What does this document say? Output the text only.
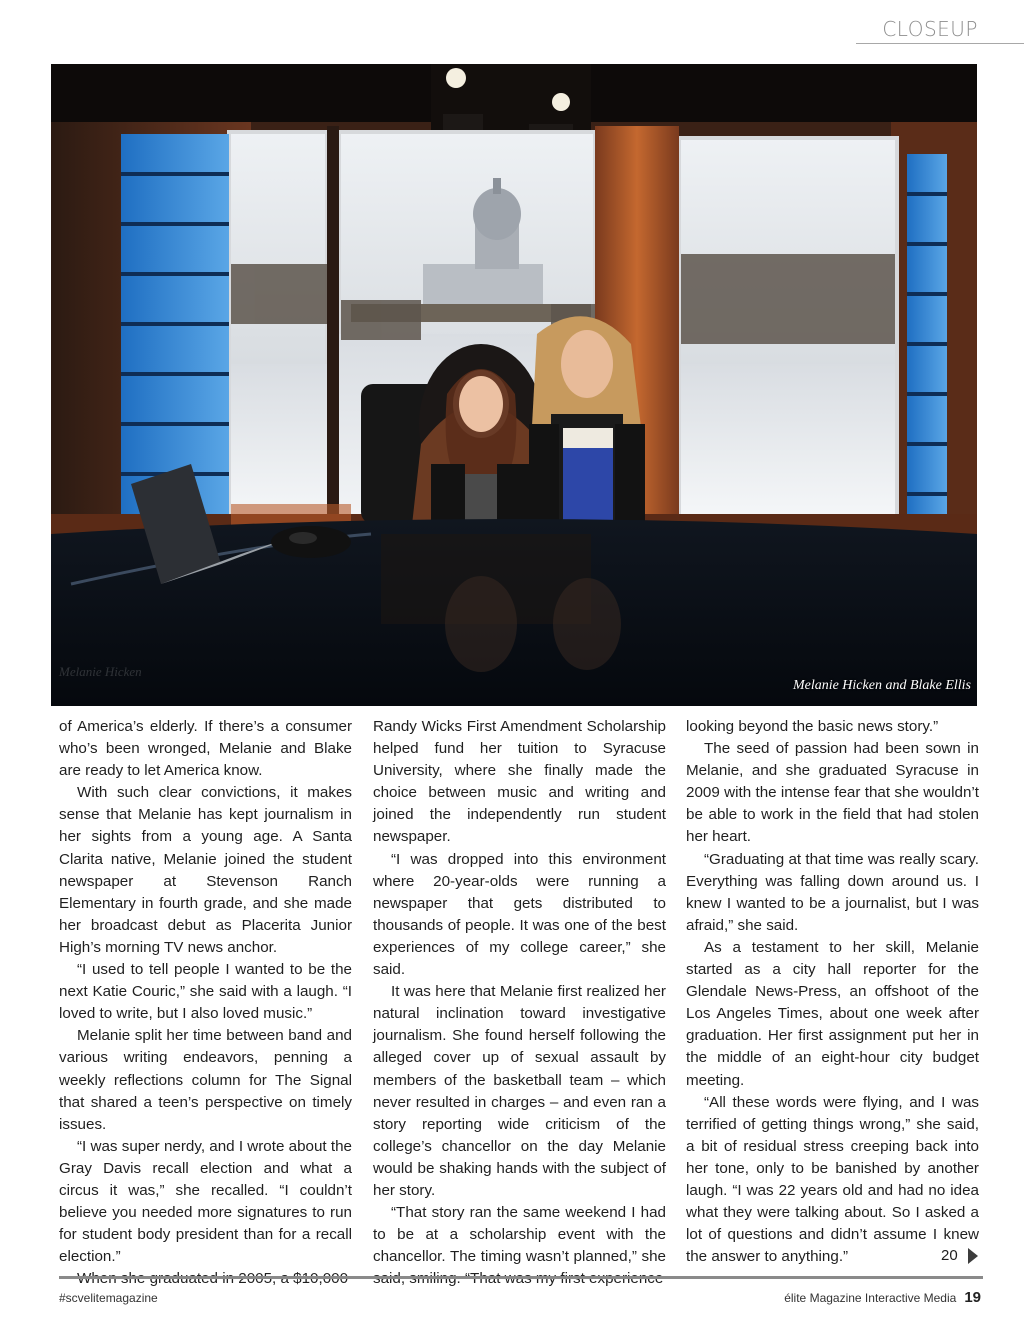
CLOSEUP
Melanie Hicken
Melanie Hicken and Blake Ellis

of America’s elderly. If there’s a consumer who’s been wronged, Melanie and Blake are ready to let America know.

With such clear convictions, it makes sense that Melanie has kept journalism in her sights from a young age. A Santa Clarita native, Melanie joined the student newspaper at Stevenson Ranch Elementary in fourth grade, and she made her broadcast debut as Placerita Junior High’s morning TV news anchor.

“I used to tell people I wanted to be the next Katie Couric,” she said with a laugh. “I loved to write, but I also loved music.”

Melanie split her time between band and various writing endeavors, penning a weekly reflections column for The Signal that shared a teen’s perspective on timely issues.

“I was super nerdy, and I wrote about the Gray Davis recall election and what a circus it was,” she recalled. “I couldn’t believe you needed more signatures to run for student body president than for a recall election.”

Randy Wicks First Amendment Scholarship helped fund her tuition to Syracuse University, where she finally made the choice between music and writing and joined the independently run student newspaper.

“I was dropped into this environment where 20-year-olds were running a newspaper that gets distributed to thousands of people. It was one of the best experiences of my college career,” she said.

It was here that Melanie first realized her natural inclination toward investigative journalism. She found herself following the alleged cover up of sexual assault by members of the basketball team – which never resulted in charges – and even ran a story reporting wide criticism of the college’s chancellor on the day Melanie would be shaking hands with the subject of her story.

“That story ran the same weekend I had to be at a scholarship event with the chancellor. The timing wasn’t planned,” she

looking beyond the basic news story.”

The seed of passion had been sown in Melanie, and she graduated Syracuse in 2009 with the intense fear that she wouldn’t be able to work in the field that had stolen her heart.

“Graduating at that time was really scary. Everything was falling down around us. I knew I wanted to be a journalist, but I was afraid,” she said.

As a testament to her skill, Melanie started as a city hall reporter for the Glendale News-Press, an offshoot of the Los Angeles Times, about one week after graduation. Her first assignment put her in the middle of an eight-hour city budget meeting.

“All these words were flying, and I was terrified of getting things wrong,” she said, a bit of residual stress creeping back into her tone, only to be banished by another laugh. “I was 22 years old and had no idea what they were talking about. So I asked a lot of questions and didn’t assume I knew the answer to anything.”	20
#scvelitemagazine	élite Magazine Interactive Media 19
